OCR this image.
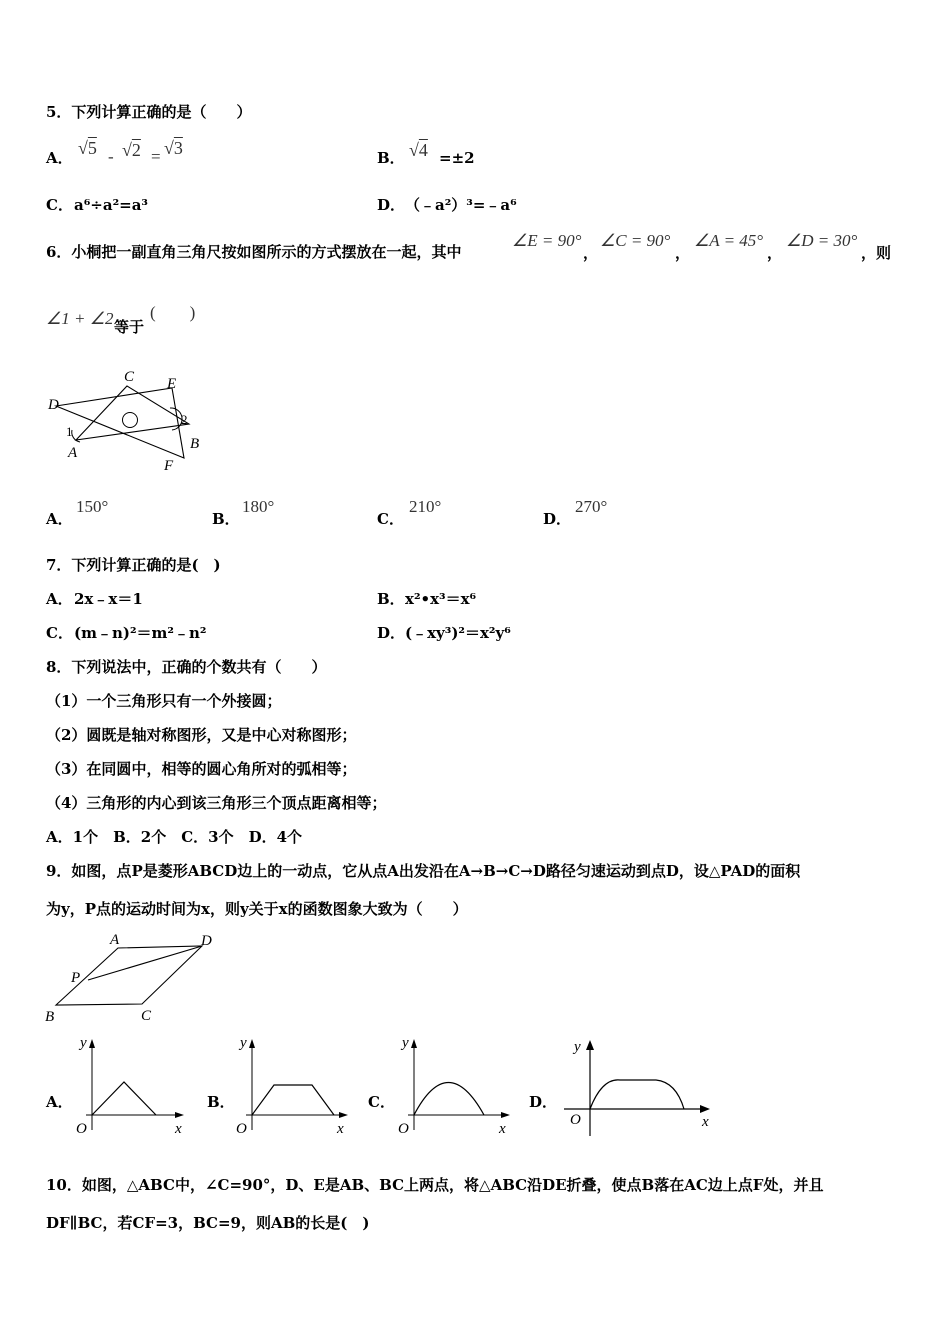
5．下列计算正确的是（　　）
A． √5 - √2 = √3	B． √4 =±2
C． a⁶÷a²=a³	D． （﹣a²）³=﹣a⁶
6．小桐把一副直角三角尺按如图所示的方式摆放在一起，其中
∠E = 90°
，
∠C = 90°
，
∠A = 45°
，
∠D = 30°
，则
∠1 + ∠2 等于
(　　)
C E
D
1
2
A
B
F
A．
150°
B．
180°
C．
210°
D．
270°
7．下列计算正确的是(　)
A． 2x﹣x＝1	B． x²•x³＝x⁶
C． (m﹣n)²＝m²﹣n²	D． (﹣xy³)²＝x²y⁶
8．下列说法中，正确的个数共有（　　）
（1）一个三角形只有一个外接圆；
（2）圆既是轴对称图形，又是中心对称图形；
（3）在同圆中，相等的圆心角所对的弧相等；
（4）三角形的内心到该三角形三个顶点距离相等；
A．1个　B．2个　C．3个　D．4个
9．如图，点P是菱形ABCD边上的一动点，它从点A出发沿在A→B→C→D路径匀速运动到点D，设△PAD的面积
为y，P点的运动时间为x，则y关于x的函数图象大致为（　　）
A	D
P
B	C
A．
y
O	x
B．
y
O	x
C．
y
O	x
D．
y
O	x
10．如图，△ABC中，∠C=90°，D、E是AB、BC上两点，将△ABC沿DE折叠，使点B落在AC边上点F处，并且
DF∥BC，若CF=3，BC=9，则AB的长是(　)
